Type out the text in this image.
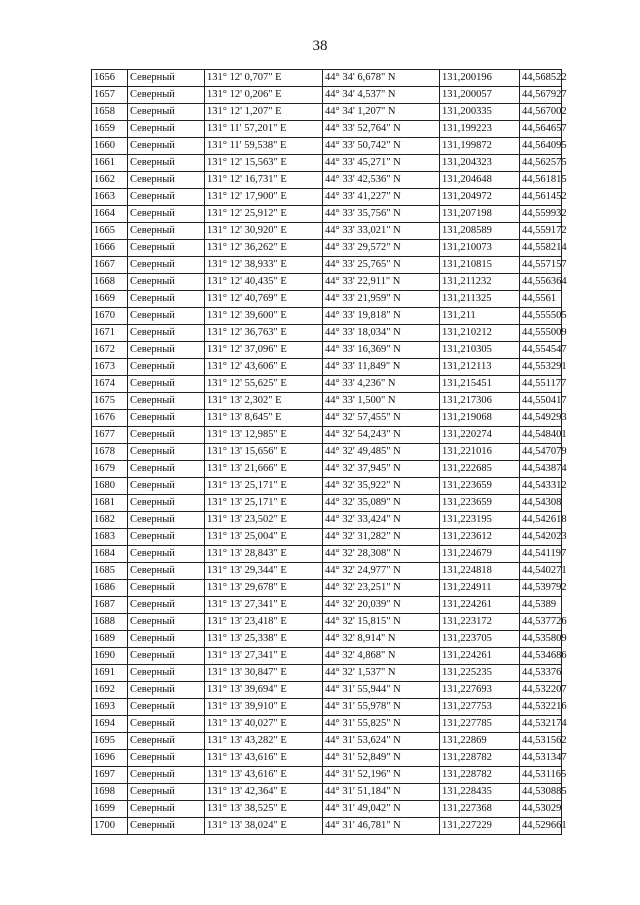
38
1656	Северный	131° 12' 0,707" E	44° 34' 6,678" N	131,200196	44,568522
1657	Северный	131° 12' 0,206" E	44° 34' 4,537" N	131,200057	44,567927
1658	Северный	131° 12' 1,207" E	44° 34' 1,207" N	131,200335	44,567002
1659	Северный	131° 11' 57,201" E	44° 33' 52,764" N	131,199223	44,564657
1660	Северный	131° 11' 59,538" E	44° 33' 50,742" N	131,199872	44,564095
1661	Северный	131° 12' 15,563" E	44° 33' 45,271" N	131,204323	44,562575
1662	Северный	131° 12' 16,731" E	44° 33' 42,536" N	131,204648	44,561815
1663	Северный	131° 12' 17,900" E	44° 33' 41,227" N	131,204972	44,561452
1664	Северный	131° 12' 25,912" E	44° 33' 35,756" N	131,207198	44,559932
1665	Северный	131° 12' 30,920" E	44° 33' 33,021" N	131,208589	44,559172
1666	Северный	131° 12' 36,262" E	44° 33' 29,572" N	131,210073	44,558214
1667	Северный	131° 12' 38,933" E	44° 33' 25,765" N	131,210815	44,557157
1668	Северный	131° 12' 40,435" E	44° 33' 22,911" N	131,211232	44,556364
1669	Северный	131° 12' 40,769" E	44° 33' 21,959" N	131,211325	44,5561
1670	Северный	131° 12' 39,600" E	44° 33' 19,818" N	131,211	44,555505
1671	Северный	131° 12' 36,763" E	44° 33' 18,034" N	131,210212	44,555009
1672	Северный	131° 12' 37,096" E	44° 33' 16,369" N	131,210305	44,554547
1673	Северный	131° 12' 43,606" E	44° 33' 11,849" N	131,212113	44,553291
1674	Северный	131° 12' 55,625" E	44° 33' 4,236" N	131,215451	44,551177
1675	Северный	131° 13' 2,302" E	44° 33' 1,500" N	131,217306	44,550417
1676	Северный	131° 13' 8,645" E	44° 32' 57,455" N	131,219068	44,549293
1677	Северный	131° 13' 12,985" E	44° 32' 54,243" N	131,220274	44,548401
1678	Северный	131° 13' 15,656" E	44° 32' 49,485" N	131,221016	44,547079
1679	Северный	131° 13' 21,666" E	44° 32' 37,945" N	131,222685	44,543874
1680	Северный	131° 13' 25,171" E	44° 32' 35,922" N	131,223659	44,543312
1681	Северный	131° 13' 25,171" E	44° 32' 35,089" N	131,223659	44,54308
1682	Северный	131° 13' 23,502" E	44° 32' 33,424" N	131,223195	44,542618
1683	Северный	131° 13' 25,004" E	44° 32' 31,282" N	131,223612	44,542023
1684	Северный	131° 13' 28,843" E	44° 32' 28,308" N	131,224679	44,541197
1685	Северный	131° 13' 29,344" E	44° 32' 24,977" N	131,224818	44,540271
1686	Северный	131° 13' 29,678" E	44° 32' 23,251" N	131,224911	44,539792
1687	Северный	131° 13' 27,341" E	44° 32' 20,039" N	131,224261	44,5389
1688	Северный	131° 13' 23,418" E	44° 32' 15,815" N	131,223172	44,537726
1689	Северный	131° 13' 25,338" E	44° 32' 8,914" N	131,223705	44,535809
1690	Северный	131° 13' 27,341" E	44° 32' 4,868" N	131,224261	44,534686
1691	Северный	131° 13' 30,847" E	44° 32' 1,537" N	131,225235	44,53376
1692	Северный	131° 13' 39,694" E	44° 31' 55,944" N	131,227693	44,532207
1693	Северный	131° 13' 39,910" E	44° 31' 55,978" N	131,227753	44,532216
1694	Северный	131° 13' 40,027" E	44° 31' 55,825" N	131,227785	44,532174
1695	Северный	131° 13' 43,282" E	44° 31' 53,624" N	131,22869	44,531562
1696	Северный	131° 13' 43,616" E	44° 31' 52,849" N	131,228782	44,531347
1697	Северный	131° 13' 43,616" E	44° 31' 52,196" N	131,228782	44,531165
1698	Северный	131° 13' 42,364" E	44° 31' 51,184" N	131,228435	44,530885
1699	Северный	131° 13' 38,525" E	44° 31' 49,042" N	131,227368	44,53029
1700	Северный	131° 13' 38,024" E	44° 31' 46,781" N	131,227229	44,529661
